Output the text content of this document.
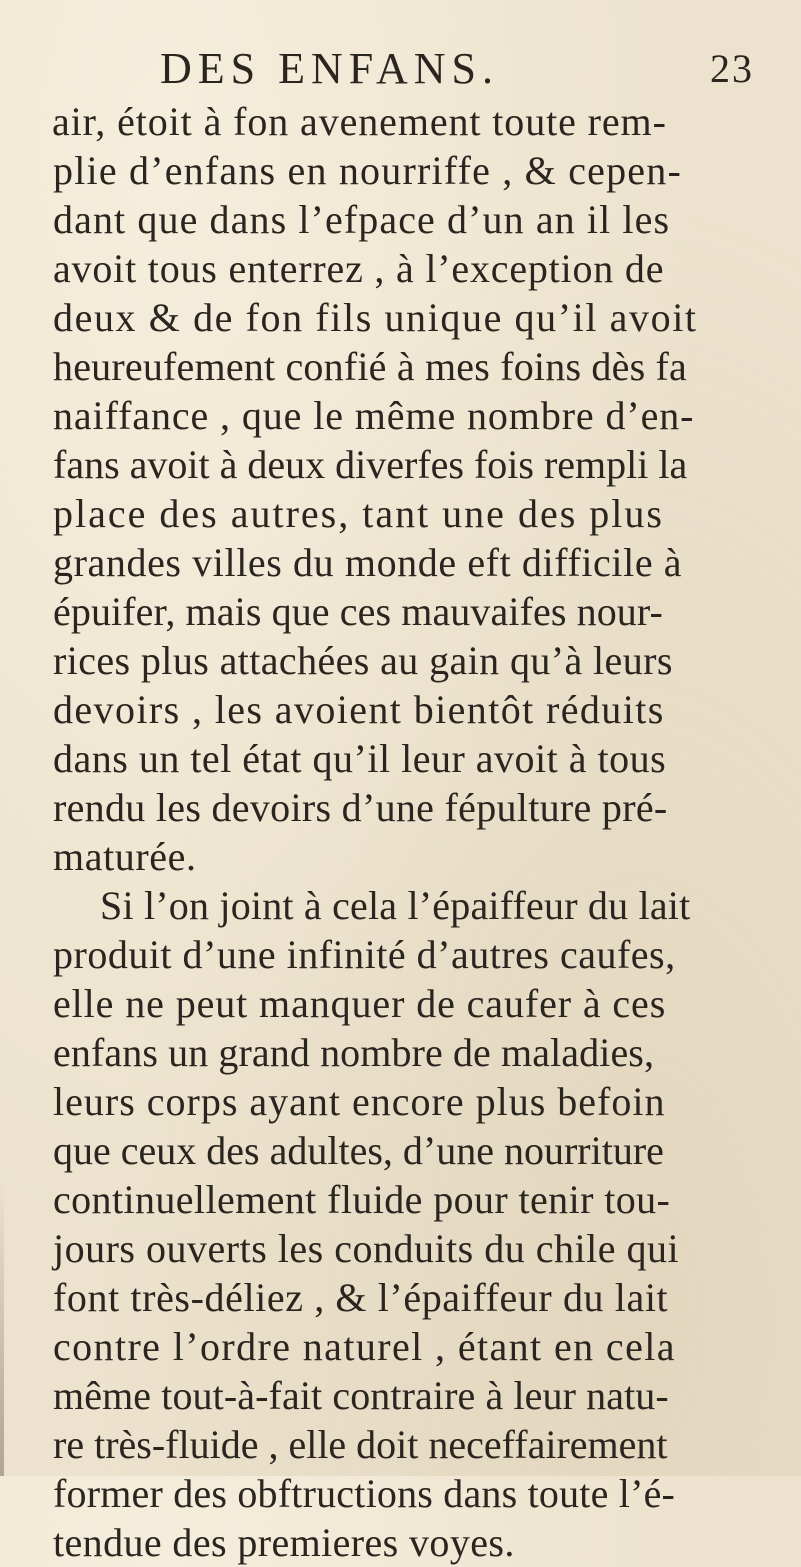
DES ENFANS.	23
air, étoit à fon avenement toute rem-
plie d’enfans en nourriffe , & cepen-
dant que dans l’efpace d’un an il les
avoit tous enterrez , à l’exception de
deux & de fon fils unique qu’il avoit
heureufement confié à mes foins dès fa
naiffance , que le même nombre d’en-
fans avoit à deux diverfes fois rempli la
place des autres, tant une des plus
grandes villes du monde eft difficile à
épuifer, mais que ces mauvaifes nour-
rices plus attachées au gain qu’à leurs
devoirs , les avoient bientôt réduits
dans un tel état qu’il leur avoit à tous
rendu les devoirs d’une fépulture pré-
maturée.
Si l’on joint à cela l’épaiffeur du lait
produit d’une infinité d’autres caufes,
elle ne peut manquer de caufer à ces
enfans un grand nombre de maladies,
leurs corps ayant encore plus befoin
que ceux des adultes, d’une nourriture
continuellement fluide pour tenir tou-
jours ouverts les conduits du chile qui
font très-déliez , & l’épaiffeur du lait
contre l’ordre naturel , étant en cela
même tout-à-fait contraire à leur natu-
re très-fluide , elle doit neceffairement
former des obftructions dans toute l’é-
tendue des premieres voyes.
